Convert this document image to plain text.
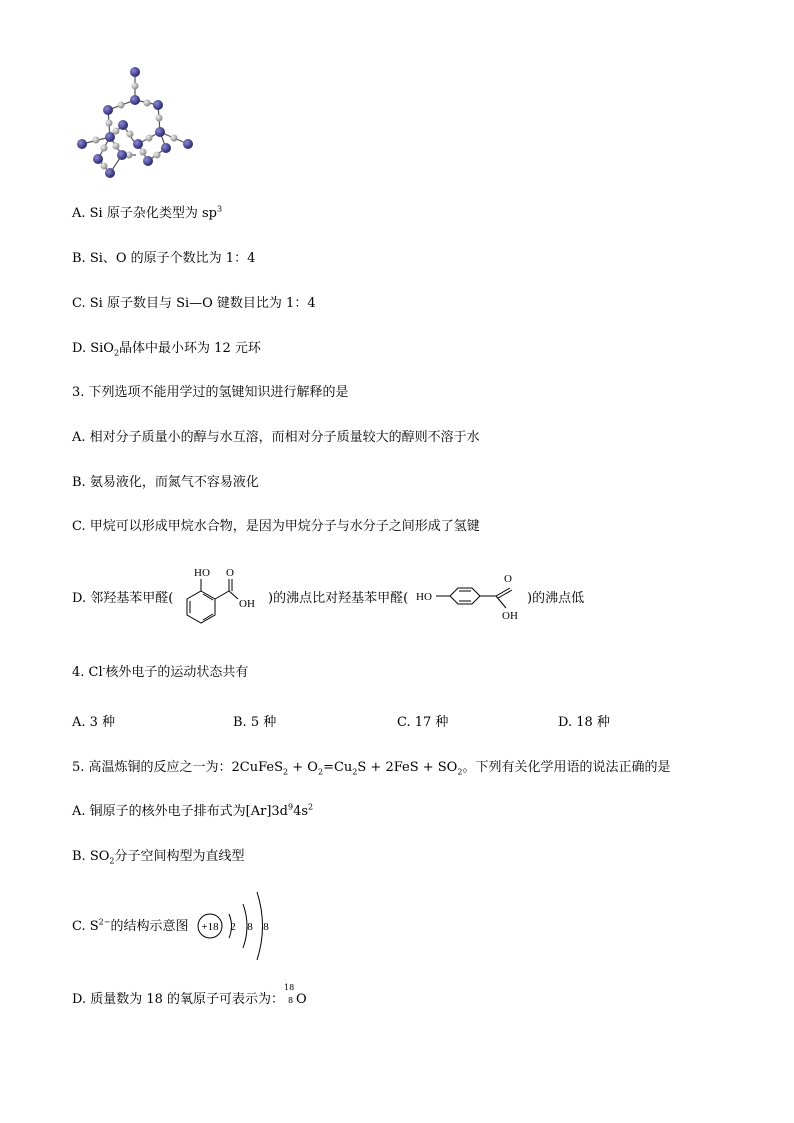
A. Si 原子杂化类型为 $sp^3$
B. Si、O 的原子个数比为 1：4
C. Si 原子数目与 Si—O 键数目比为 1：4
D. SiO$_2$晶体中最小环为 12 元环
3. 下列选项不能用学过的氢键知识进行解释的是
A. 相对分子质量小的醇与水互溶，而相对分子质量较大的醇则不溶于水
B. 氨易液化，而氮气不容易液化
C. 甲烷可以形成甲烷水合物，是因为甲烷分子与水分子之间形成了氢键
D. 邻羟基苯甲醛(
HO O
OH )的沸点比对羟基苯甲醛( HO
O
OH
)的沸点低
4. Cl-核外电子的运动状态共有
A. 3 种	B. 5 种	C. 17 种	D. 18 种
5. 高温炼铜的反应之一为：2CuFeS$_2$ + $O_2=Cu_2S + 2FeS + SO_2$。下列有关化学用语的说法正确的是
A. 铜原子的核外电子排布式为$[Ar]3d^94s^2$
B. $SO_2$分子空间构型为直线型
C. $S^{2-}$的结构示意图 +18 2 8 8
D. 质量数为 18 的氧原子可表示为：
18
8 O
